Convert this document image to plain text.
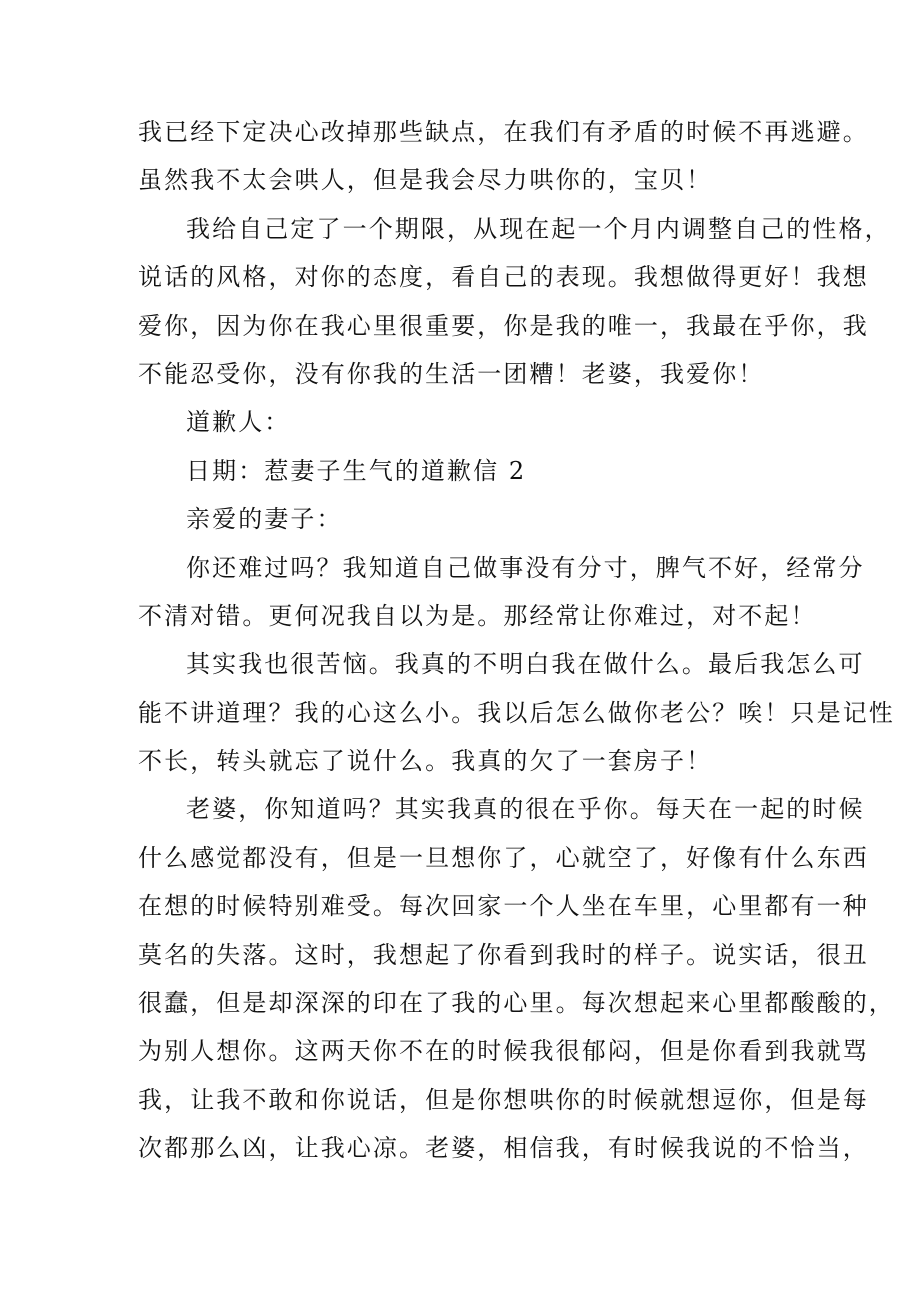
我已经下定决心改掉那些缺点，在我们有矛盾的时候不再逃避。
虽然我不太会哄人，但是我会尽力哄你的，宝贝！
我给自己定了一个期限，从现在起一个月内调整自己的性格，
说话的风格，对你的态度，看自己的表现。我想做得更好！我想
爱你，因为你在我心里很重要，你是我的唯一，我最在乎你，我
不能忍受你，没有你我的生活一团糟！老婆，我爱你！
道歉人：
日期：惹妻子生气的道歉信 2
亲爱的妻子：
你还难过吗？我知道自己做事没有分寸，脾气不好，经常分
不清对错。更何况我自以为是。那经常让你难过，对不起！
其实我也很苦恼。我真的不明白我在做什么。最后我怎么可
能不讲道理？我的心这么小。我以后怎么做你老公？唉！只是记性
不长，转头就忘了说什么。我真的欠了一套房子！
老婆，你知道吗？其实我真的很在乎你。每天在一起的时候
什么感觉都没有，但是一旦想你了，心就空了，好像有什么东西
在想的时候特别难受。每次回家一个人坐在车里，心里都有一种
莫名的失落。这时，我想起了你看到我时的样子。说实话，很丑
很蠢，但是却深深的印在了我的心里。每次想起来心里都酸酸的，
为别人想你。这两天你不在的时候我很郁闷，但是你看到我就骂
我，让我不敢和你说话，但是你想哄你的时候就想逗你，但是每
次都那么凶，让我心凉。老婆，相信我，有时候我说的不恰当，
